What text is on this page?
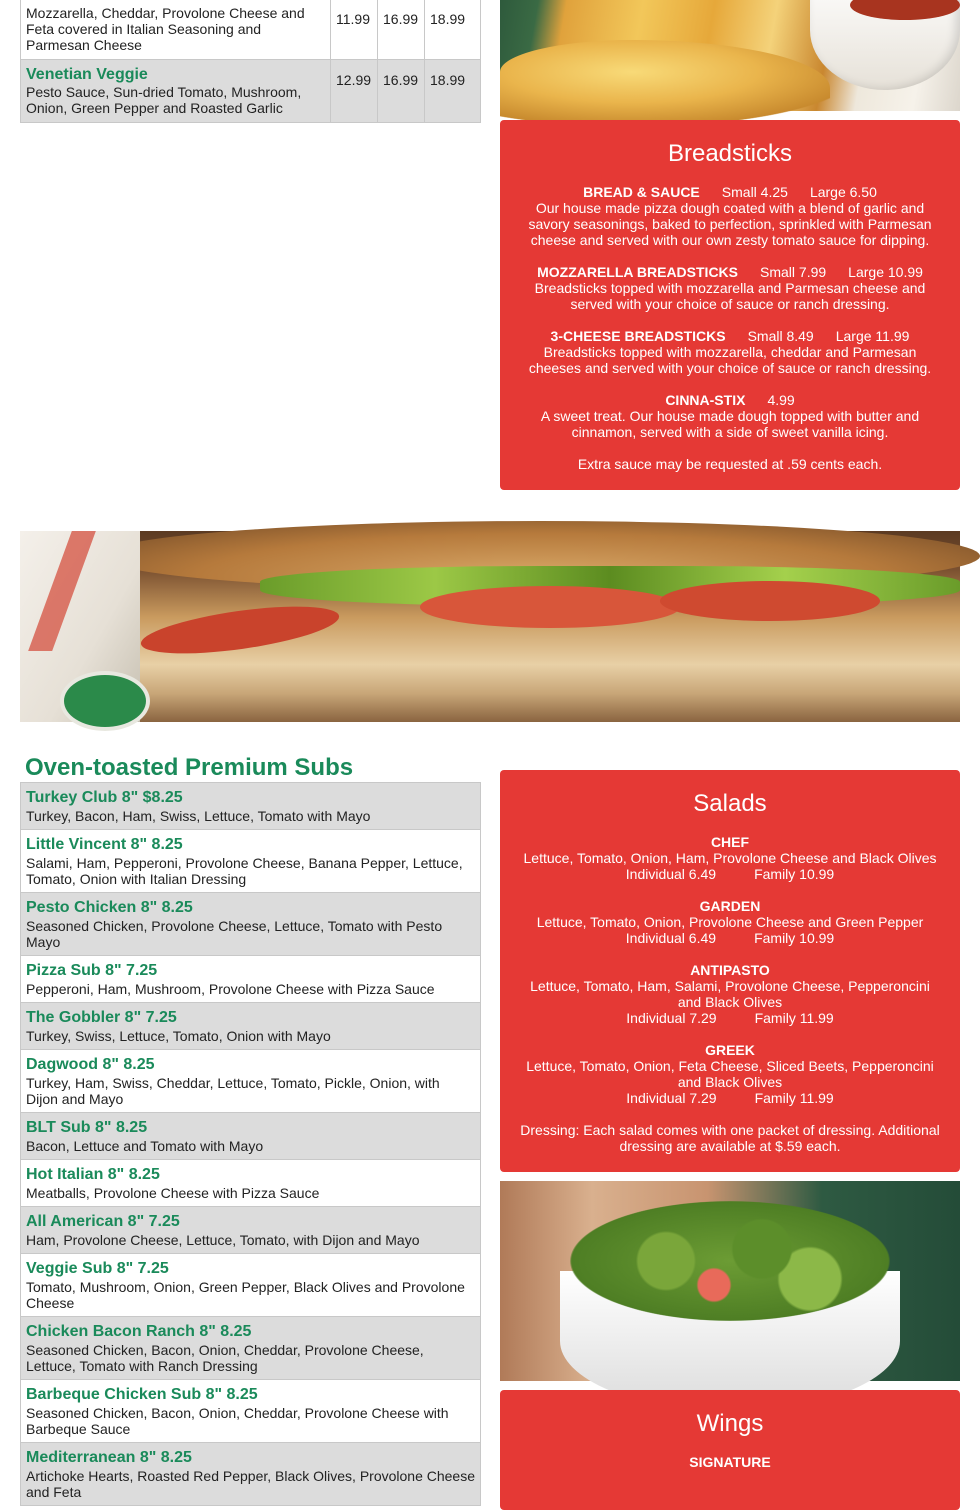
Mozzarella, Cheddar, Provolone Cheese and Feta covered in Italian Seasoning and Parmesan Cheese	11.99	16.99	18.99

Venetian Veggie
Pesto Sauce, Sun-dried Tomato, Mushroom, Onion, Green Pepper and Roasted Garlic	12.99	16.99	18.99
Breadsticks

BREAD & SAUCE Small 4.25 Large 6.50

Our house made pizza dough coated with a blend of garlic and savory seasonings, baked to perfection, sprinkled with Parmesan cheese and served with our own zesty tomato sauce for dipping.

MOZZARELLA BREADSTICKS Small 7.99 Large 10.99

Breadsticks topped with mozzarella and Parmesan cheese and served with your choice of sauce or ranch dressing.

3-CHEESE BREADSTICKS Small 8.49 Large 11.99

Breadsticks topped with mozzarella, cheddar and Parmesan cheeses and served with your choice of sauce or ranch dressing.

CINNA-STIX 4.99

A sweet treat. Our house made dough topped with butter and cinnamon, served with a side of sweet vanilla icing.

Extra sauce may be requested at .59 cents each.

Oven-toasted Premium Subs
Turkey Club 8" $8.25
Turkey, Bacon, Ham, Swiss, Lettuce, Tomato with Mayo
Little Vincent 8" 8.25
Salami, Ham, Pepperoni, Provolone Cheese, Banana Pepper, Lettuce, Tomato, Onion with Italian Dressing
Pesto Chicken 8" 8.25
Seasoned Chicken, Provolone Cheese, Lettuce, Tomato with Pesto Mayo
Pizza Sub 8" 7.25
Pepperoni, Ham, Mushroom, Provolone Cheese with Pizza Sauce
The Gobbler 8" 7.25
Turkey, Swiss, Lettuce, Tomato, Onion with Mayo
Dagwood 8" 8.25
Turkey, Ham, Swiss, Cheddar, Lettuce, Tomato, Pickle, Onion, with Dijon and Mayo
BLT Sub 8" 8.25
Bacon, Lettuce and Tomato with Mayo
Hot Italian 8" 8.25
Meatballs, Provolone Cheese with Pizza Sauce
All American 8" 7.25
Ham, Provolone Cheese, Lettuce, Tomato, with Dijon and Mayo
Veggie Sub 8" 7.25
Tomato, Mushroom, Onion, Green Pepper, Black Olives and Provolone Cheese
Chicken Bacon Ranch 8" 8.25
Seasoned Chicken, Bacon, Onion, Cheddar, Provolone Cheese, Lettuce, Tomato with Ranch Dressing
Barbeque Chicken Sub 8" 8.25
Seasoned Chicken, Bacon, Onion, Cheddar, Provolone Cheese with Barbeque Sauce
Mediterranean 8" 8.25
Artichoke Hearts, Roasted Red Pepper, Black Olives, Provolone Cheese and Feta
Salads

CHEF

Lettuce, Tomato, Onion, Ham, Provolone Cheese and Black Olives

Individual 6.49	Family 10.99

GARDEN

Lettuce, Tomato, Onion, Provolone Cheese and Green Pepper

Individual 6.49	Family 10.99

ANTIPASTO

Lettuce, Tomato, Ham, Salami, Provolone Cheese, Pepperoncini and Black Olives

Individual 7.29	Family 11.99

GREEK

Lettuce, Tomato, Onion, Feta Cheese, Sliced Beets, Pepperoncini and Black Olives

Individual 7.29	Family 11.99

Dressing: Each salad comes with one packet of dressing. Additional dressing are available at $.59 each.

Wings

SIGNATURE
